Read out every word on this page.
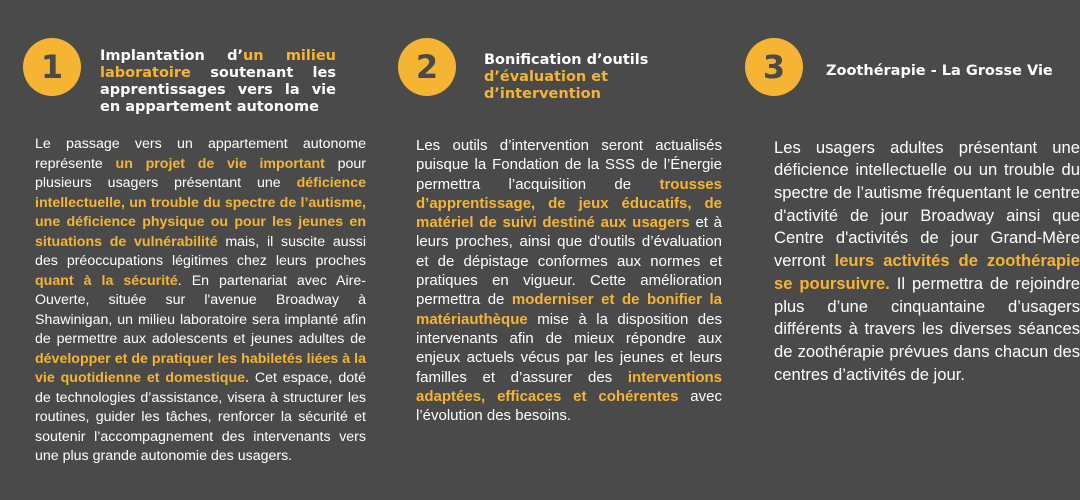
1	Implantation d’un milieu laboratoire soutenant les apprentissages vers la vie en appartement autonome

Le passage vers un appartement autonome représente un projet de vie important pour plusieurs usagers présentant une déficience intellectuelle, un trouble du spectre de l’autisme, une déficience physique ou pour les jeunes en situations de vulnérabilité mais, il suscite aussi des préoccupations légitimes chez leurs proches quant à la sécurité. En partenariat avec Aire-Ouverte, située sur l'avenue Broadway à Shawinigan, un milieu laboratoire sera implanté afin de permettre aux adolescents et jeunes adultes de développer et de pratiquer les habiletés liées à la vie quotidienne et domestique. Cet espace, doté de technologies d’assistance, visera à structurer les routines, guider les tâches, renforcer la sécurité et soutenir l’accompagnement des intervenants vers une plus grande autonomie des usagers.

2	Bonification d’outils d’évaluation et d’intervention

Les outils d’intervention seront actualisés puisque la Fondation de la SSS de l’Énergie permettra l’acquisition de trousses d’apprentissage, de jeux éducatifs, de matériel de suivi destiné aux usagers et à leurs proches, ainsi que d'outils d’évaluation et de dépistage conformes aux normes et pratiques en vigueur. Cette amélioration permettra de moderniser et de bonifier la matériauthèque mise à la disposition des intervenants afin de mieux répondre aux enjeux actuels vécus par les jeunes et leurs familles et d’assurer des interventions adaptées, efficaces et cohérentes avec l’évolution des besoins.

3	Zoothérapie - La Grosse Vie

Les usagers adultes présentant une déficience intellectuelle ou un trouble du spectre de l’autisme fréquentant le centre d'activité de jour Broadway ainsi que Centre d'activités de jour Grand-Mère verront leurs activités de zoothérapie se poursuivre. Il permettra de rejoindre plus d’une cinquantaine d’usagers différents à travers les diverses séances de zoothérapie prévues dans chacun des centres d’activités de jour.
